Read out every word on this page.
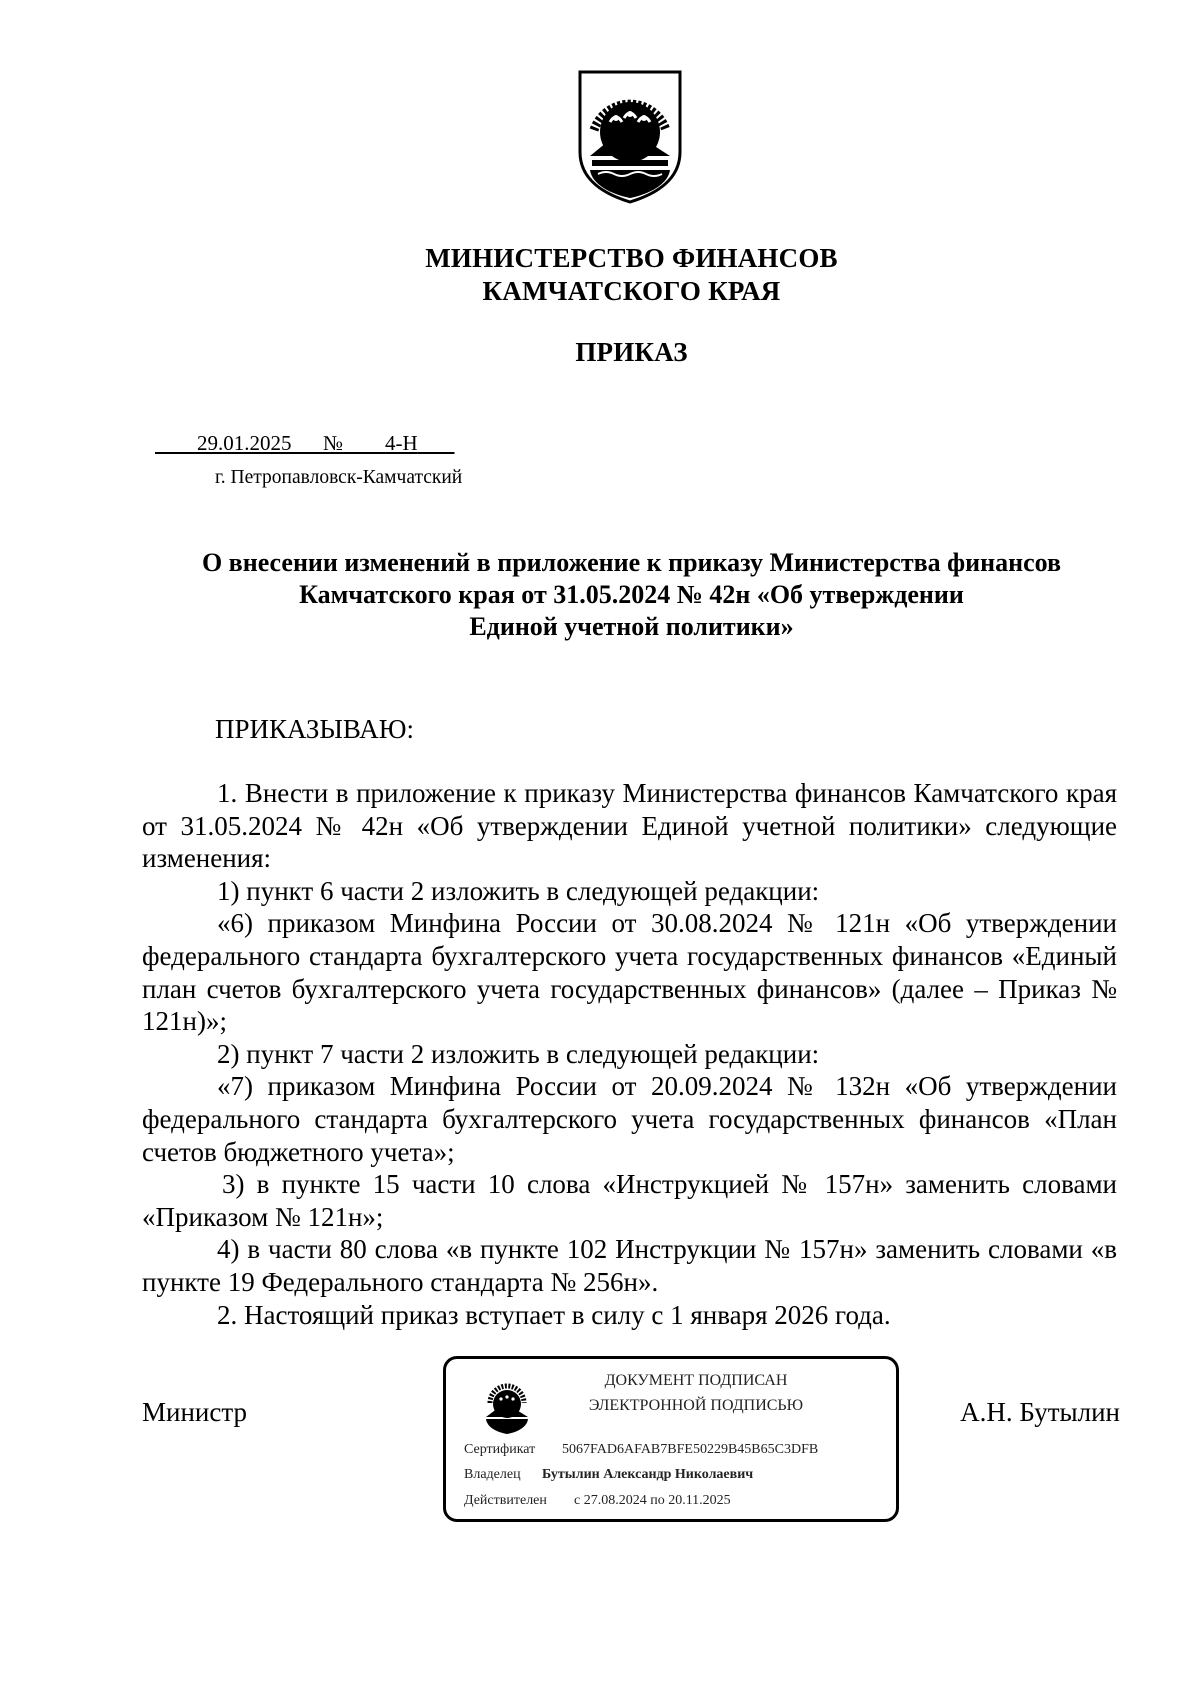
МИНИСТЕРСТВО ФИНАНСОВ
КАМЧАТСКОГО КРАЯ
ПРИКАЗ
29.01.2025 № 4-Н
г. Петропавловск-Камчатский
О внесении изменений в приложение к приказу Министерства финансов
Камчатского края от 31.05.2024 № 42н «Об утверждении
Единой учетной политики»
ПРИКАЗЫВАЮ:

1. Внести в приложение к приказу Министерства финансов Камчатского края от 31.05.2024 № 42н «Об утверждении Единой учетной политики» следующие изменения:

1) пункт 6 части 2 изложить в следующей редакции:

«6) приказом Минфина России от 30.08.2024 № 121н «Об утверждении федерального стандарта бухгалтерского учета государственных финансов «Единый план счетов бухгалтерского учета государственных финансов» (далее – Приказ № 121н)»;

2) пункт 7 части 2 изложить в следующей редакции:

«7) приказом Минфина России от 20.09.2024 № 132н «Об утверждении федерального стандарта бухгалтерского учета государственных финансов «План счетов бюджетного учета»;

3) в пункте 15 части 10 слова «Инструкцией № 157н» заменить словами «Приказом № 121н»;

4) в части 80 слова «в пункте 102 Инструкции № 157н» заменить словами «в пункте 19 Федерального стандарта № 256н».

2. Настоящий приказ вступает в силу с 1 января 2026 года.

Министр	А.Н. Бутылин
ДОКУМЕНТ ПОДПИСАН
ЭЛЕКТРОННОЙ ПОДПИСЬЮ
Сертификат 5067FAD6AFAB7BFE50229B45B65C3DFB
Владелец Бутылин Александр Николаевич
Действителен с 27.08.2024 по 20.11.2025
